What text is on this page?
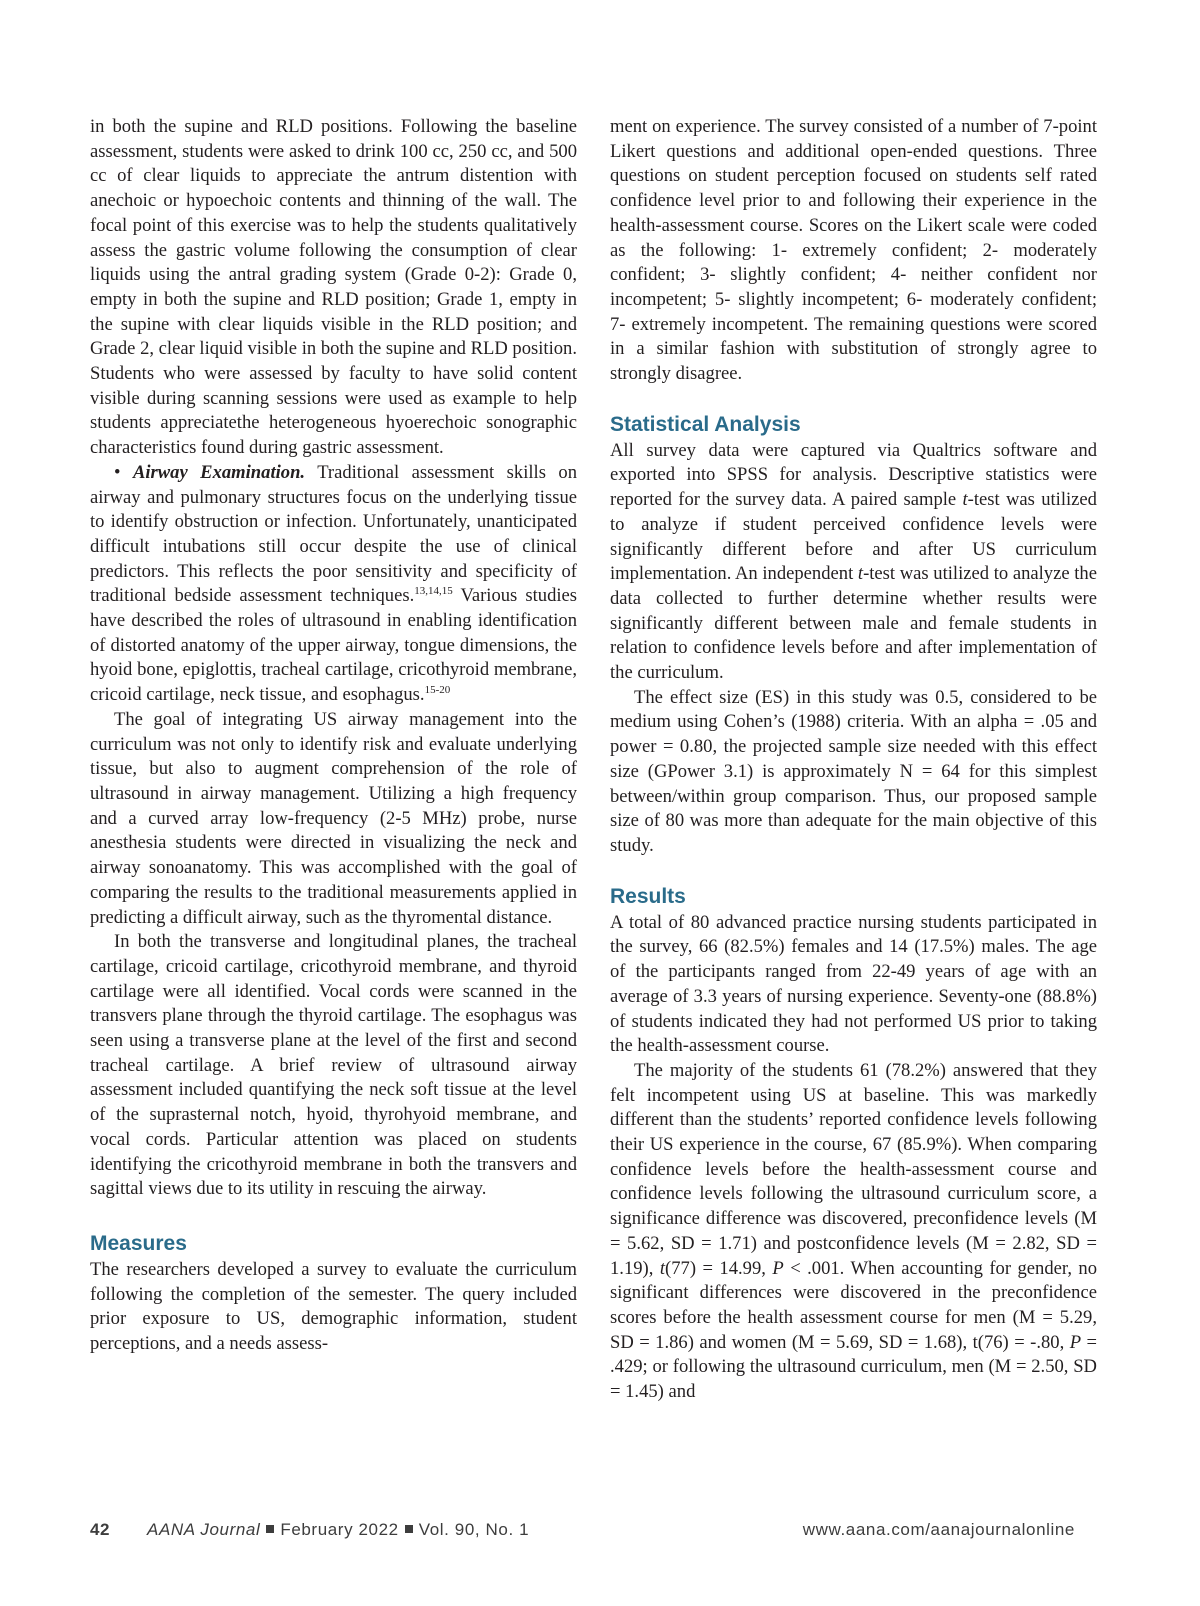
in both the supine and RLD positions. Following the baseline assessment, students were asked to drink 100 cc, 250 cc, and 500 cc of clear liquids to appreciate the antrum distention with anechoic or hypoechoic contents and thinning of the wall. The focal point of this exercise was to help the students qualitatively assess the gastric volume following the consumption of clear liquids using the antral grading system (Grade 0-2): Grade 0, empty in both the supine and RLD position; Grade 1, empty in the supine with clear liquids visible in the RLD position; and Grade 2, clear liquid visible in both the supine and RLD position. Students who were assessed by faculty to have solid content visible during scanning sessions were used as example to help students appreciatethe heterogeneous hyoerechoic sonographic characteristics found during gastric assessment.

• Airway Examination. Traditional assessment skills on airway and pulmonary structures focus on the underlying tissue to identify obstruction or infection. Unfortunately, unanticipated difficult intubations still occur despite the use of clinical predictors. This reflects the poor sensitivity and specificity of traditional bedside assessment techniques.$^{13,14,15}$ Various studies have described the roles of ultrasound in enabling identification of distorted anatomy of the upper airway, tongue dimensions, the hyoid bone, epiglottis, tracheal cartilage, cricothyroid membrane, cricoid cartilage, neck tissue, and esophagus.$^{15-20}$

The goal of integrating US airway management into the curriculum was not only to identify risk and evaluate underlying tissue, but also to augment comprehension of the role of ultrasound in airway management. Utilizing a high frequency and a curved array low-frequency (2-5 MHz) probe, nurse anesthesia students were directed in visualizing the neck and airway sonoanatomy. This was accomplished with the goal of comparing the results to the traditional measurements applied in predicting a difficult airway, such as the thyromental distance.

In both the transverse and longitudinal planes, the tracheal cartilage, cricoid cartilage, cricothyroid membrane, and thyroid cartilage were all identified. Vocal cords were scanned in the transvers plane through the thyroid cartilage. The esophagus was seen using a transverse plane at the level of the first and second tracheal cartilage. A brief review of ultrasound airway assessment included quantifying the neck soft tissue at the level of the suprasternal notch, hyoid, thyrohyoid membrane, and vocal cords. Particular attention was placed on students identifying the cricothyroid membrane in both the transvers and sagittal views due to its utility in rescuing the airway.

Measures

The researchers developed a survey to evaluate the curriculum following the completion of the semester. The query included prior exposure to US, demographic information, student perceptions, and a needs assess-

ment on experience. The survey consisted of a number of 7-point Likert questions and additional open-ended questions. Three questions on student perception focused on students self rated confidence level prior to and following their experience in the health-assessment course. Scores on the Likert scale were coded as the following: 1- extremely confident; 2- moderately confident; 3- slightly confident; 4- neither confident nor incompetent; 5- slightly incompetent; 6- moderately confident; 7- extremely incompetent. The remaining questions were scored in a similar fashion with substitution of strongly agree to strongly disagree.

Statistical Analysis

All survey data were captured via Qualtrics software and exported into SPSS for analysis. Descriptive statistics were reported for the survey data. A paired sample t-test was utilized to analyze if student perceived confidence levels were significantly different before and after US curriculum implementation. An independent t-test was utilized to analyze the data collected to further determine whether results were significantly different between male and female students in relation to confidence levels before and after implementation of the curriculum.

The effect size (ES) in this study was 0.5, considered to be medium using Cohen’s (1988) criteria. With an alpha = .05 and power = 0.80, the projected sample size needed with this effect size (GPower 3.1) is approximately N = 64 for this simplest between/within group comparison. Thus, our proposed sample size of 80 was more than adequate for the main objective of this study.

Results

A total of 80 advanced practice nursing students participated in the survey, 66 (82.5%) females and 14 (17.5%) males. The age of the participants ranged from 22-49 years of age with an average of 3.3 years of nursing experience. Seventy-one (88.8%) of students indicated they had not performed US prior to taking the health-assessment course.

The majority of the students 61 (78.2%) answered that they felt incompetent using US at baseline. This was markedly different than the students’ reported confidence levels following their US experience in the course, 67 (85.9%). When comparing confidence levels before the health-assessment course and confidence levels following the ultrasound curriculum score, a significance difference was discovered, preconfidence levels (M = 5.62, SD = 1.71) and postconfidence levels (M = 2.82, SD = 1.19), t(77) = 14.99, P < .001. When accounting for gender, no significant differences were discovered in the preconfidence scores before the health assessment course for men (M = 5.29, SD = 1.86) and women (M = 5.69, SD = 1.68), t(76) = -.80, P = .429; or following the ultrasound curriculum, men (M = 2.50, SD = 1.45) and

42 AANA Journal February 2022 Vol. 90, No. 1	www.aana.com/aanajournalonline
